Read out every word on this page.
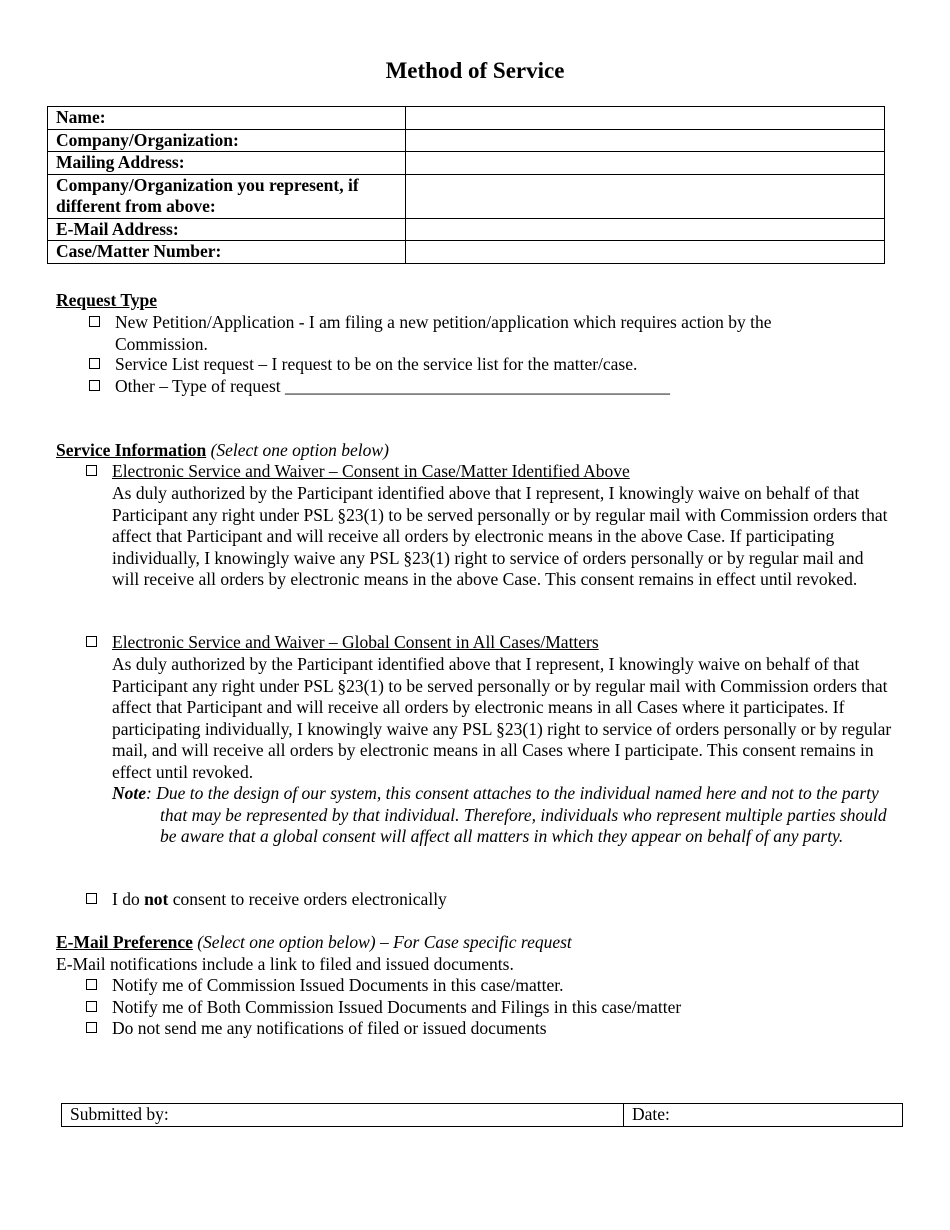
Method of Service
Name:	
Company/Organization:	
Mailing Address:	
Company/Organization you represent, if different from above:	
E-Mail Address:	
Case/Matter Number:	
Request Type
New Petition/Application - I am filing a new petition/application which requires action by the Commission.
Service List request – I request to be on the service list for the matter/case.
Other – Type of request ____________________________________________
Service Information (Select one option below)
Electronic Service and Waiver – Consent in Case/Matter Identified Above
As duly authorized by the Participant identified above that I represent, I knowingly waive on behalf of that Participant any right under PSL §23(1) to be served personally or by regular mail with Commission orders that affect that Participant and will receive all orders by electronic means in the above Case. If participating individually, I knowingly waive any PSL §23(1) right to service of orders personally or by regular mail and will receive all orders by electronic means in the above Case. This consent remains in effect until revoked.
Electronic Service and Waiver – Global Consent in All Cases/Matters
As duly authorized by the Participant identified above that I represent, I knowingly waive on behalf of that Participant any right under PSL §23(1) to be served personally or by regular mail with Commission orders that affect that Participant and will receive all orders by electronic means in all Cases where it participates. If participating individually, I knowingly waive any PSL §23(1) right to service of orders personally or by regular mail, and will receive all orders by electronic means in all Cases where I participate. This consent remains in effect until revoked.
Note: Due to the design of our system, this consent attaches to the individual named here and not to the party that may be represented by that individual. Therefore, individuals who represent multiple parties should be aware that a global consent will affect all matters in which they appear on behalf of any party.
I do not consent to receive orders electronically
E-Mail Preference (Select one option below) – For Case specific request
E-Mail notifications include a link to filed and issued documents.
Notify me of Commission Issued Documents in this case/matter.
Notify me of Both Commission Issued Documents and Filings in this case/matter
Do not send me any notifications of filed or issued documents
Submitted by:	Date:
